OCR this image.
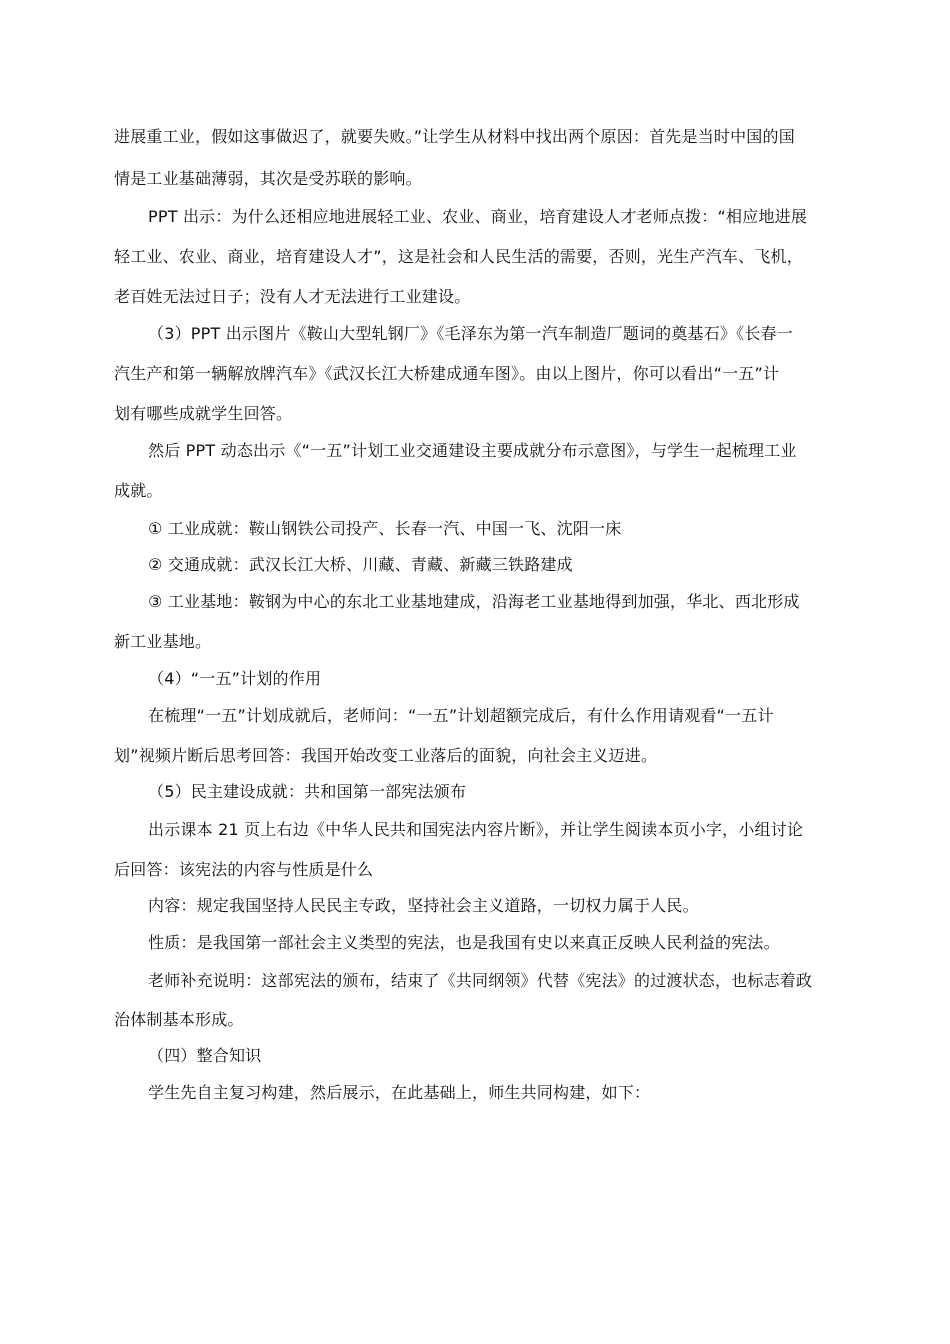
进展重工业，假如这事做迟了，就要失败。”让学生从材料中找出两个原因：首先是当时中国的国
情是工业基础薄弱，其次是受苏联的影响。
PPT 出示：为什么还相应地进展轻工业、农业、商业，培育建设人才老师点拨：“相应地进展
轻工业、农业、商业，培育建设人才”，这是社会和人民生活的需要，否则，光生产汽车、飞机，
老百姓无法过日子；没有人才无法进行工业建设。
（3）PPT 出示图片《鞍山大型轧钢厂》《毛泽东为第一汽车制造厂题词的奠基石》《长春一
汽生产和第一辆解放牌汽车》《武汉长江大桥建成通车图》。由以上图片，你可以看出“一五”计
划有哪些成就学生回答。
然后 PPT 动态出示《“一五”计划工业交通建设主要成就分布示意图》，与学生一起梳理工业
成就。
① 工业成就：鞍山钢铁公司投产、长春一汽、中国一飞、沈阳一床
② 交通成就：武汉长江大桥、川藏、青藏、新藏三铁路建成
③ 工业基地：鞍钢为中心的东北工业基地建成，沿海老工业基地得到加强，华北、西北形成
新工业基地。
（4）“一五”计划的作用
在梳理“一五”计划成就后，老师问：“一五”计划超额完成后，有什么作用请观看“一五计
划”视频片断后思考回答：我国开始改变工业落后的面貌，向社会主义迈进。
（5）民主建设成就：共和国第一部宪法颁布
出示课本 21 页上右边《中华人民共和国宪法内容片断》，并让学生阅读本页小字，小组讨论
后回答：该宪法的内容与性质是什么
内容：规定我国坚持人民民主专政，坚持社会主义道路，一切权力属于人民。
性质：是我国第一部社会主义类型的宪法，也是我国有史以来真正反映人民利益的宪法。
老师补充说明：这部宪法的颁布，结束了《共同纲领》代替《宪法》的过渡状态，也标志着政
治体制基本形成。
（四）整合知识
学生先自主复习构建，然后展示，在此基础上，师生共同构建，如下：
